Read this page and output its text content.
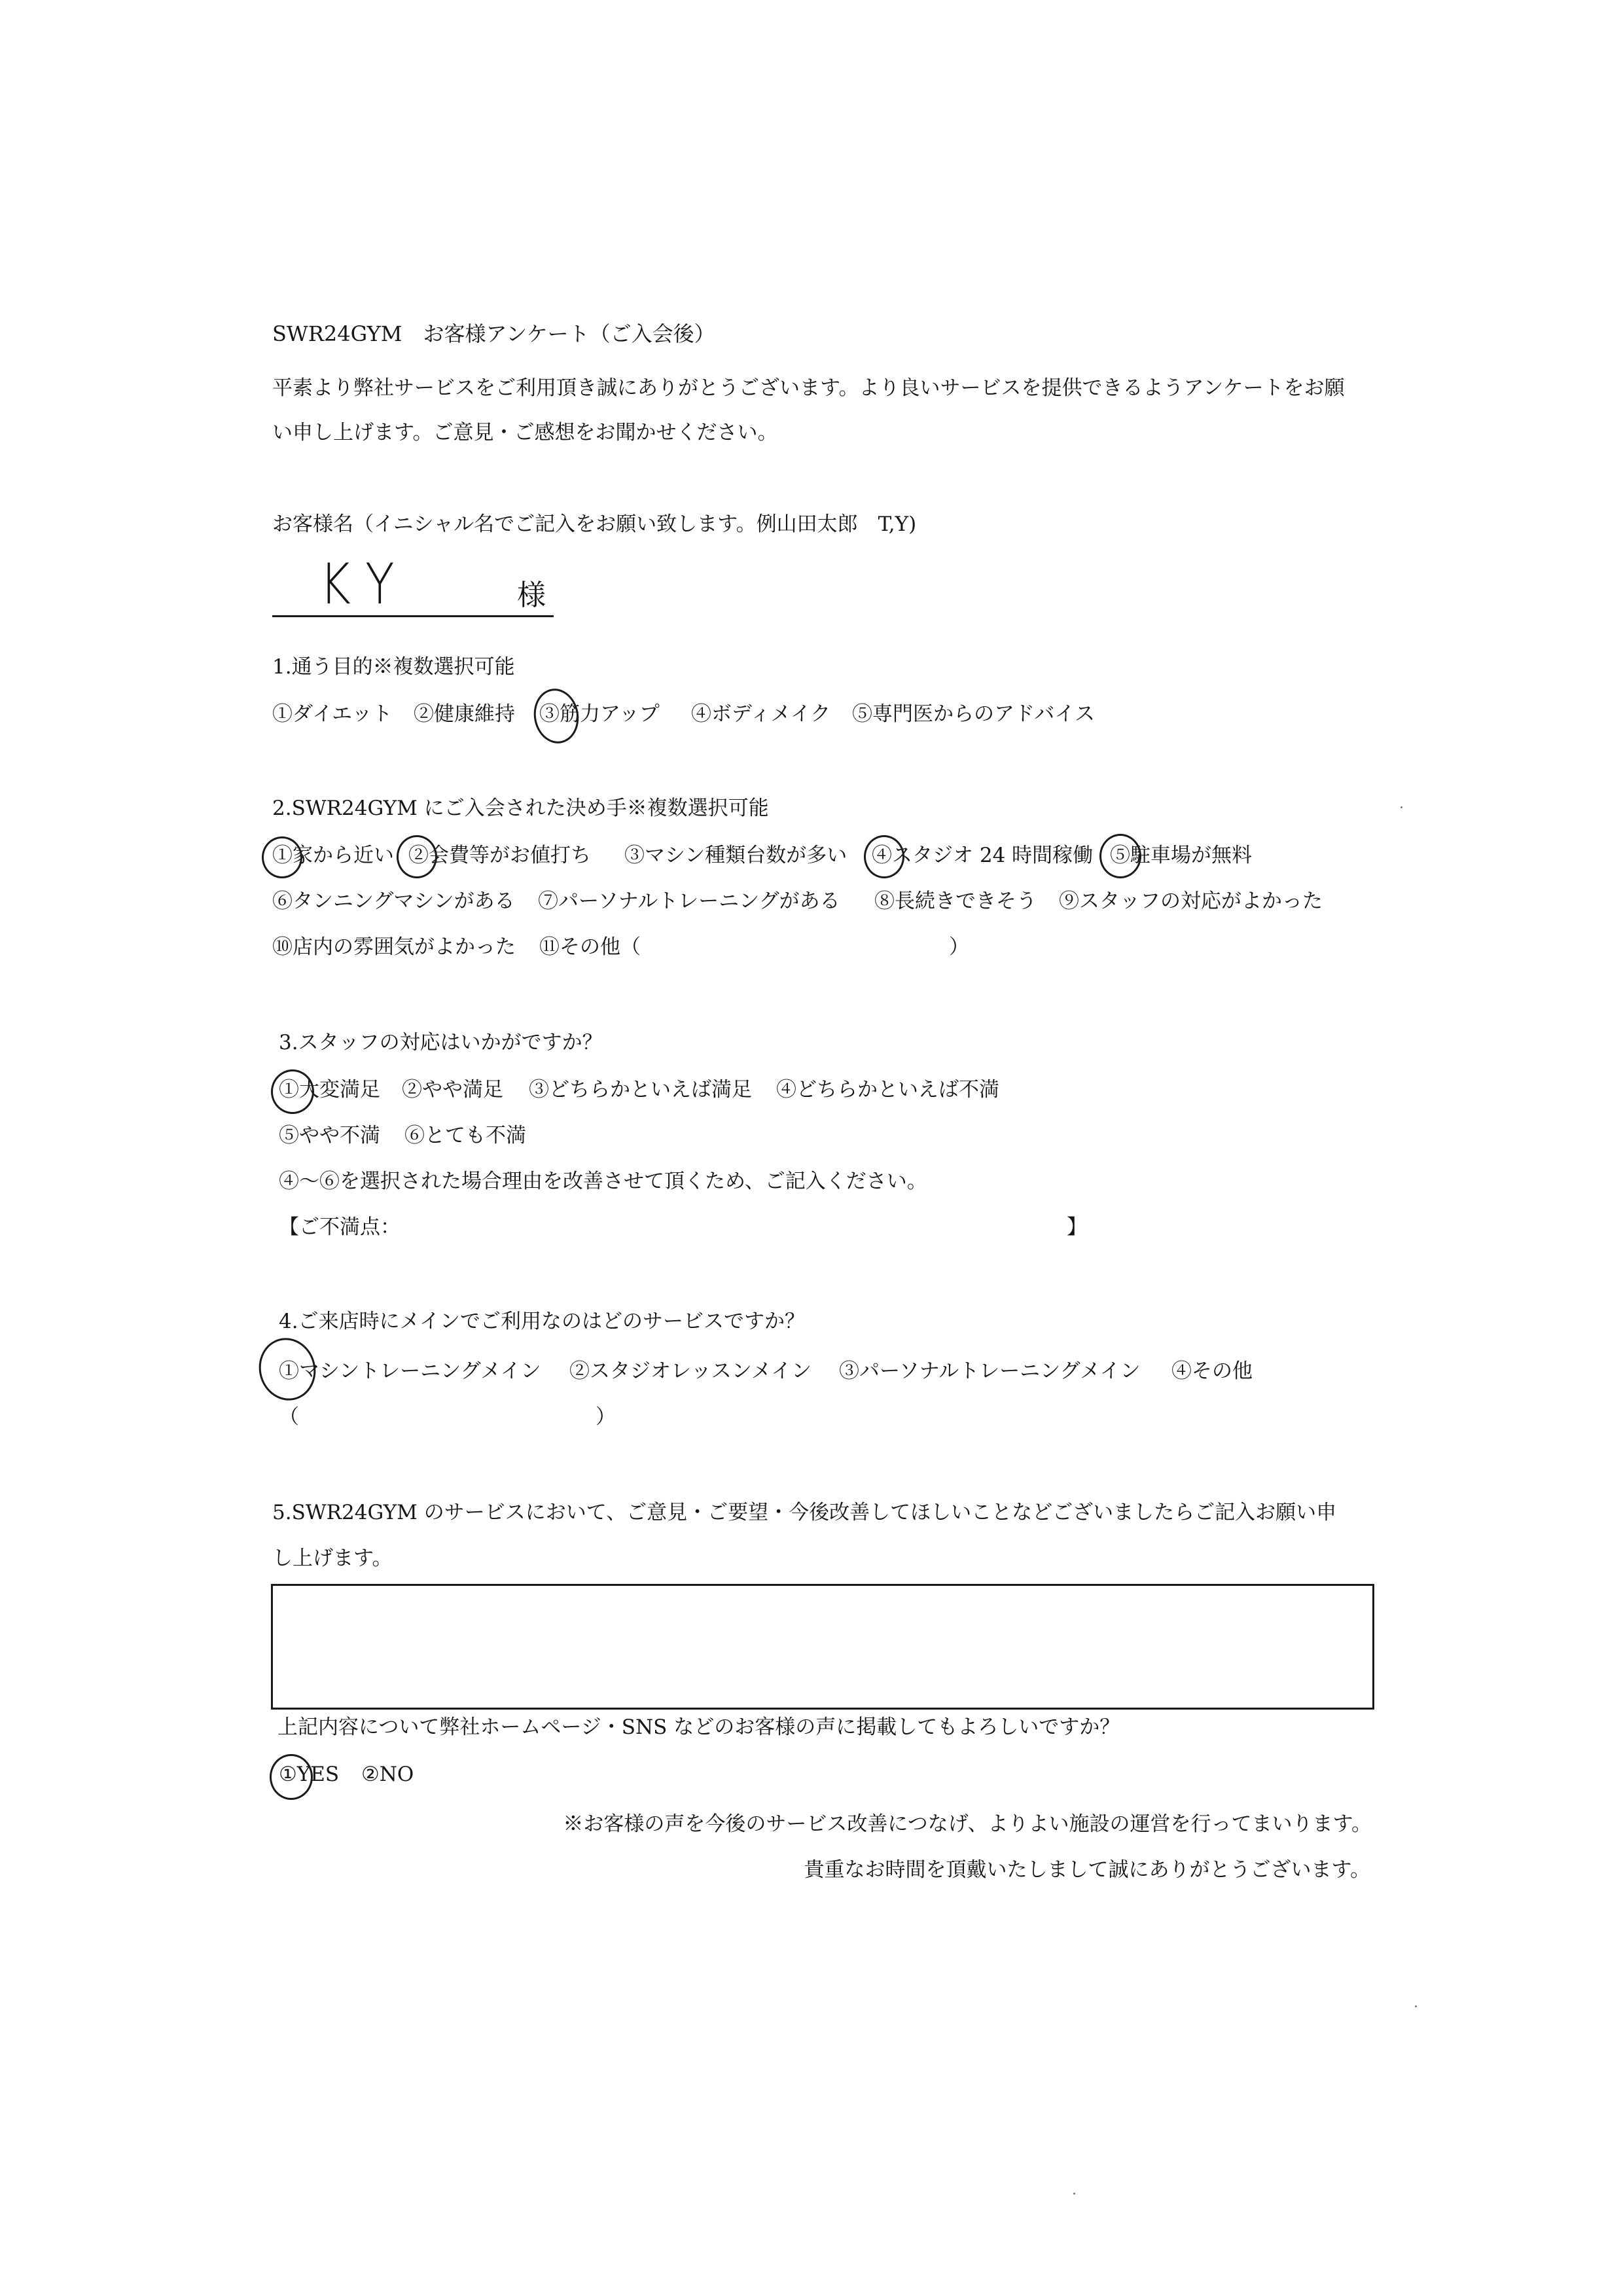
SWR24GYM　お客様アンケート（ご入会後）
平素より弊社サービスをご利用頂き誠にありがとうございます。より良いサービスを提供できるようアンケートをお願
い申し上げます。ご意見・ご感想をお聞かせください。
お客様名（イニシャル名でご記入をお願い致します。例山田太郎　T,Y)
KY	様
1.通う目的※複数選択可能
①ダイエット ②健康維持 ③筋力アップ ④ボディメイク ⑤専門医からのアドバイス
2.SWR24GYM にご入会された決め手※複数選択可能
①家から近い ②会費等がお値打ち ③マシン種類台数が多い ④スタジオ 24 時間稼働 ⑤駐車場が無料
⑥タンニングマシンがある ⑦パーソナルトレーニングがある ⑧長続きできそう ⑨スタッフの対応がよかった
⑩店内の雰囲気がよかった ⑪その他（	）
3.スタッフの対応はいかがですか？
①大変満足 ②やや満足 ③どちらかといえば満足 ④どちらかといえば不満
⑤やや不満 ⑥とても不満
④～⑥を選択された場合理由を改善させて頂くため、ご記入ください。
【ご不満点：	】
4.ご来店時にメインでご利用なのはどのサービスですか？
①マシントレーニングメイン ②スタジオレッスンメイン ③パーソナルトレーニングメイン ④その他
（	）
5.SWR24GYM のサービスにおいて、ご意見・ご要望・今後改善してほしいことなどございましたらご記入お願い申
し上げます。
上記内容について弊社ホームページ・SNS などのお客様の声に掲載してもよろしいですか？
①YES ②NO
※お客様の声を今後のサービス改善につなげ、よりよい施設の運営を行ってまいります。
貴重なお時間を頂戴いたしまして誠にありがとうございます。
